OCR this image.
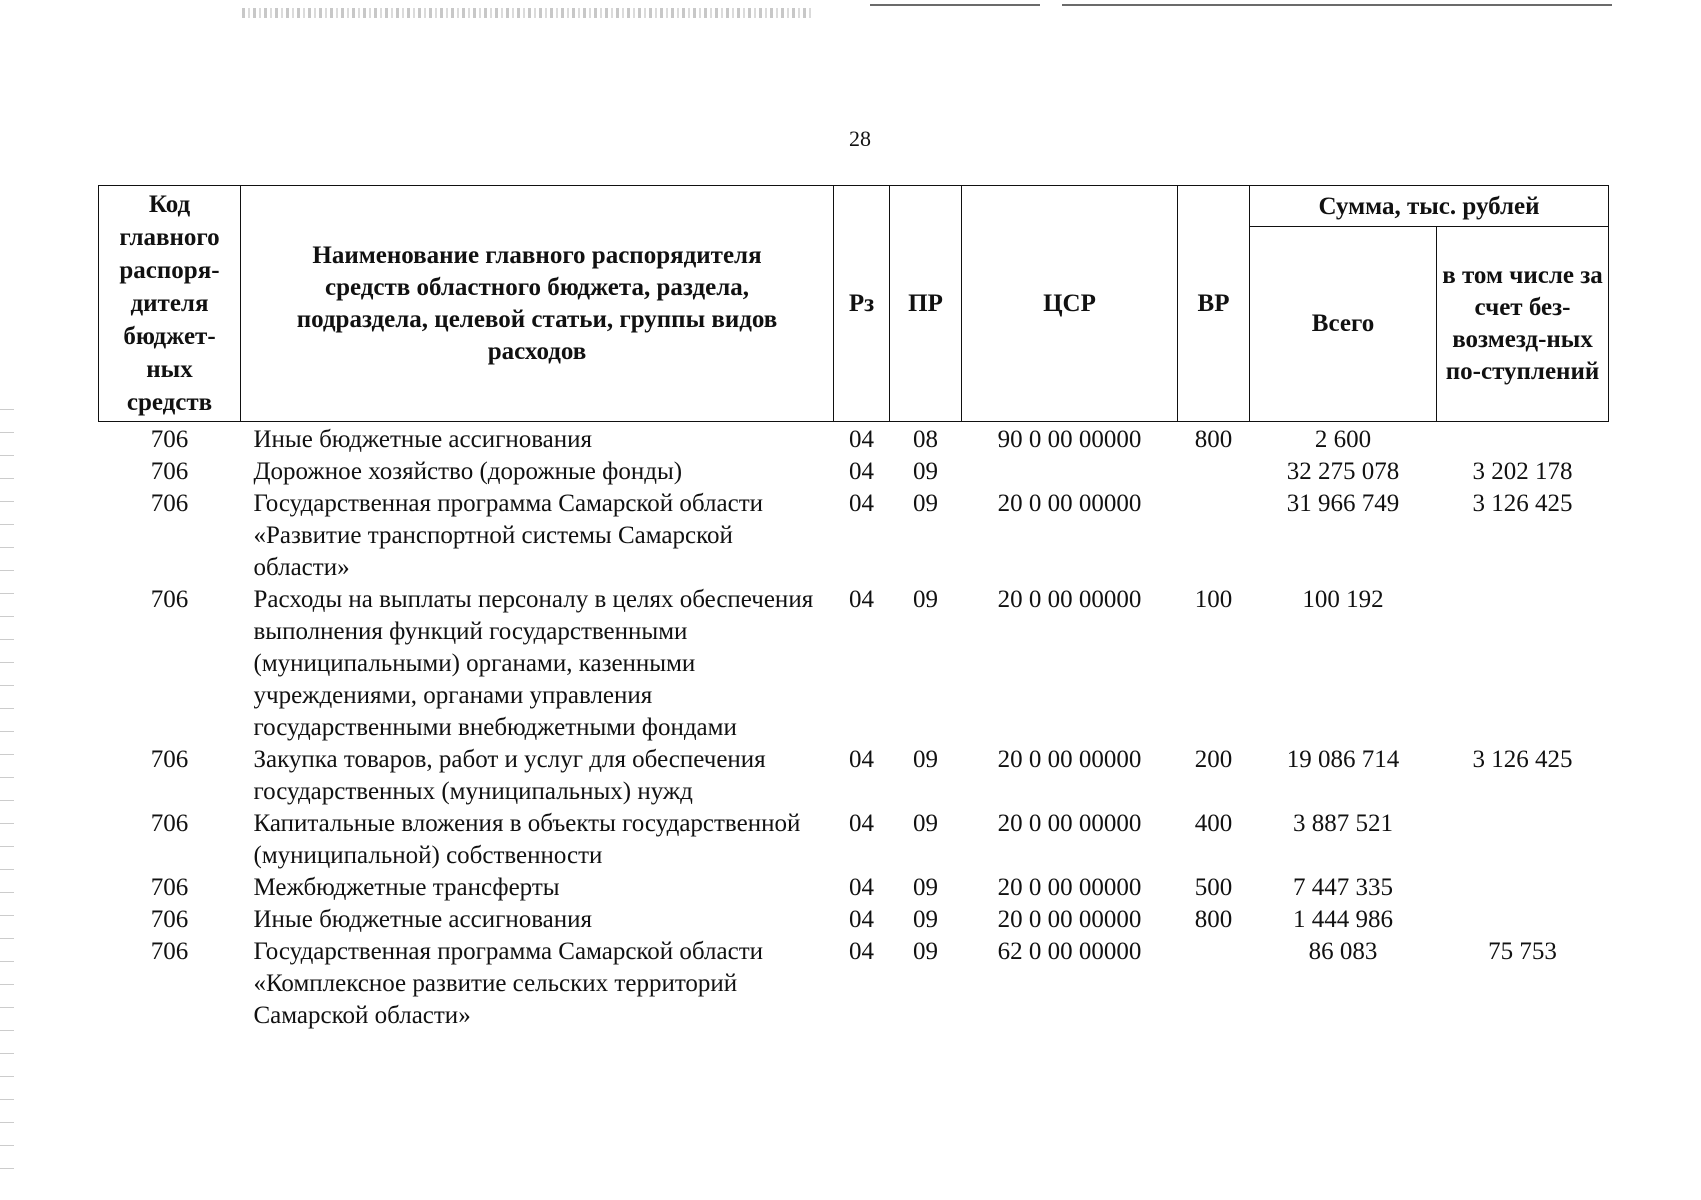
28
Код главного распоря-дителя бюджет-ных средств	Наименование главного распорядителя средств областного бюджета, раздела, подраздела, целевой статьи, группы видов расходов	Рз	ПР	ЦСР	ВР	Сумма, тыс. рублей	
						Всего	в том числе за счет без-возмезд-ных по-ступлений
706	Иные бюджетные ассигнования	04	08	90 0 00 00000	800	2 600	
706	Дорожное хозяйство (дорожные фонды)	04	09			32 275 078	3 202 178
706	Государственная программа Самарской области «Развитие транспортной системы Самарской области»	04	09	20 0 00 00000		31 966 749	3 126 425
706	Расходы на выплаты персоналу в целях обеспечения выполнения функций государственными (муниципальными) органами, казенными учреждениями, органами управления государственными внебюджетными фондами	04	09	20 0 00 00000	100	100 192	
706	Закупка товаров, работ и услуг для обеспечения государственных (муниципальных) нужд	04	09	20 0 00 00000	200	19 086 714	3 126 425
706	Капитальные вложения в объекты государственной (муниципальной) собственности	04	09	20 0 00 00000	400	3 887 521	
706	Межбюджетные трансферты	04	09	20 0 00 00000	500	7 447 335	
706	Иные бюджетные ассигнования	04	09	20 0 00 00000	800	1 444 986	
706	Государственная программа Самарской области «Комплексное развитие сельских территорий Самарской области»	04	09	62 0 00 00000		86 083	75 753
